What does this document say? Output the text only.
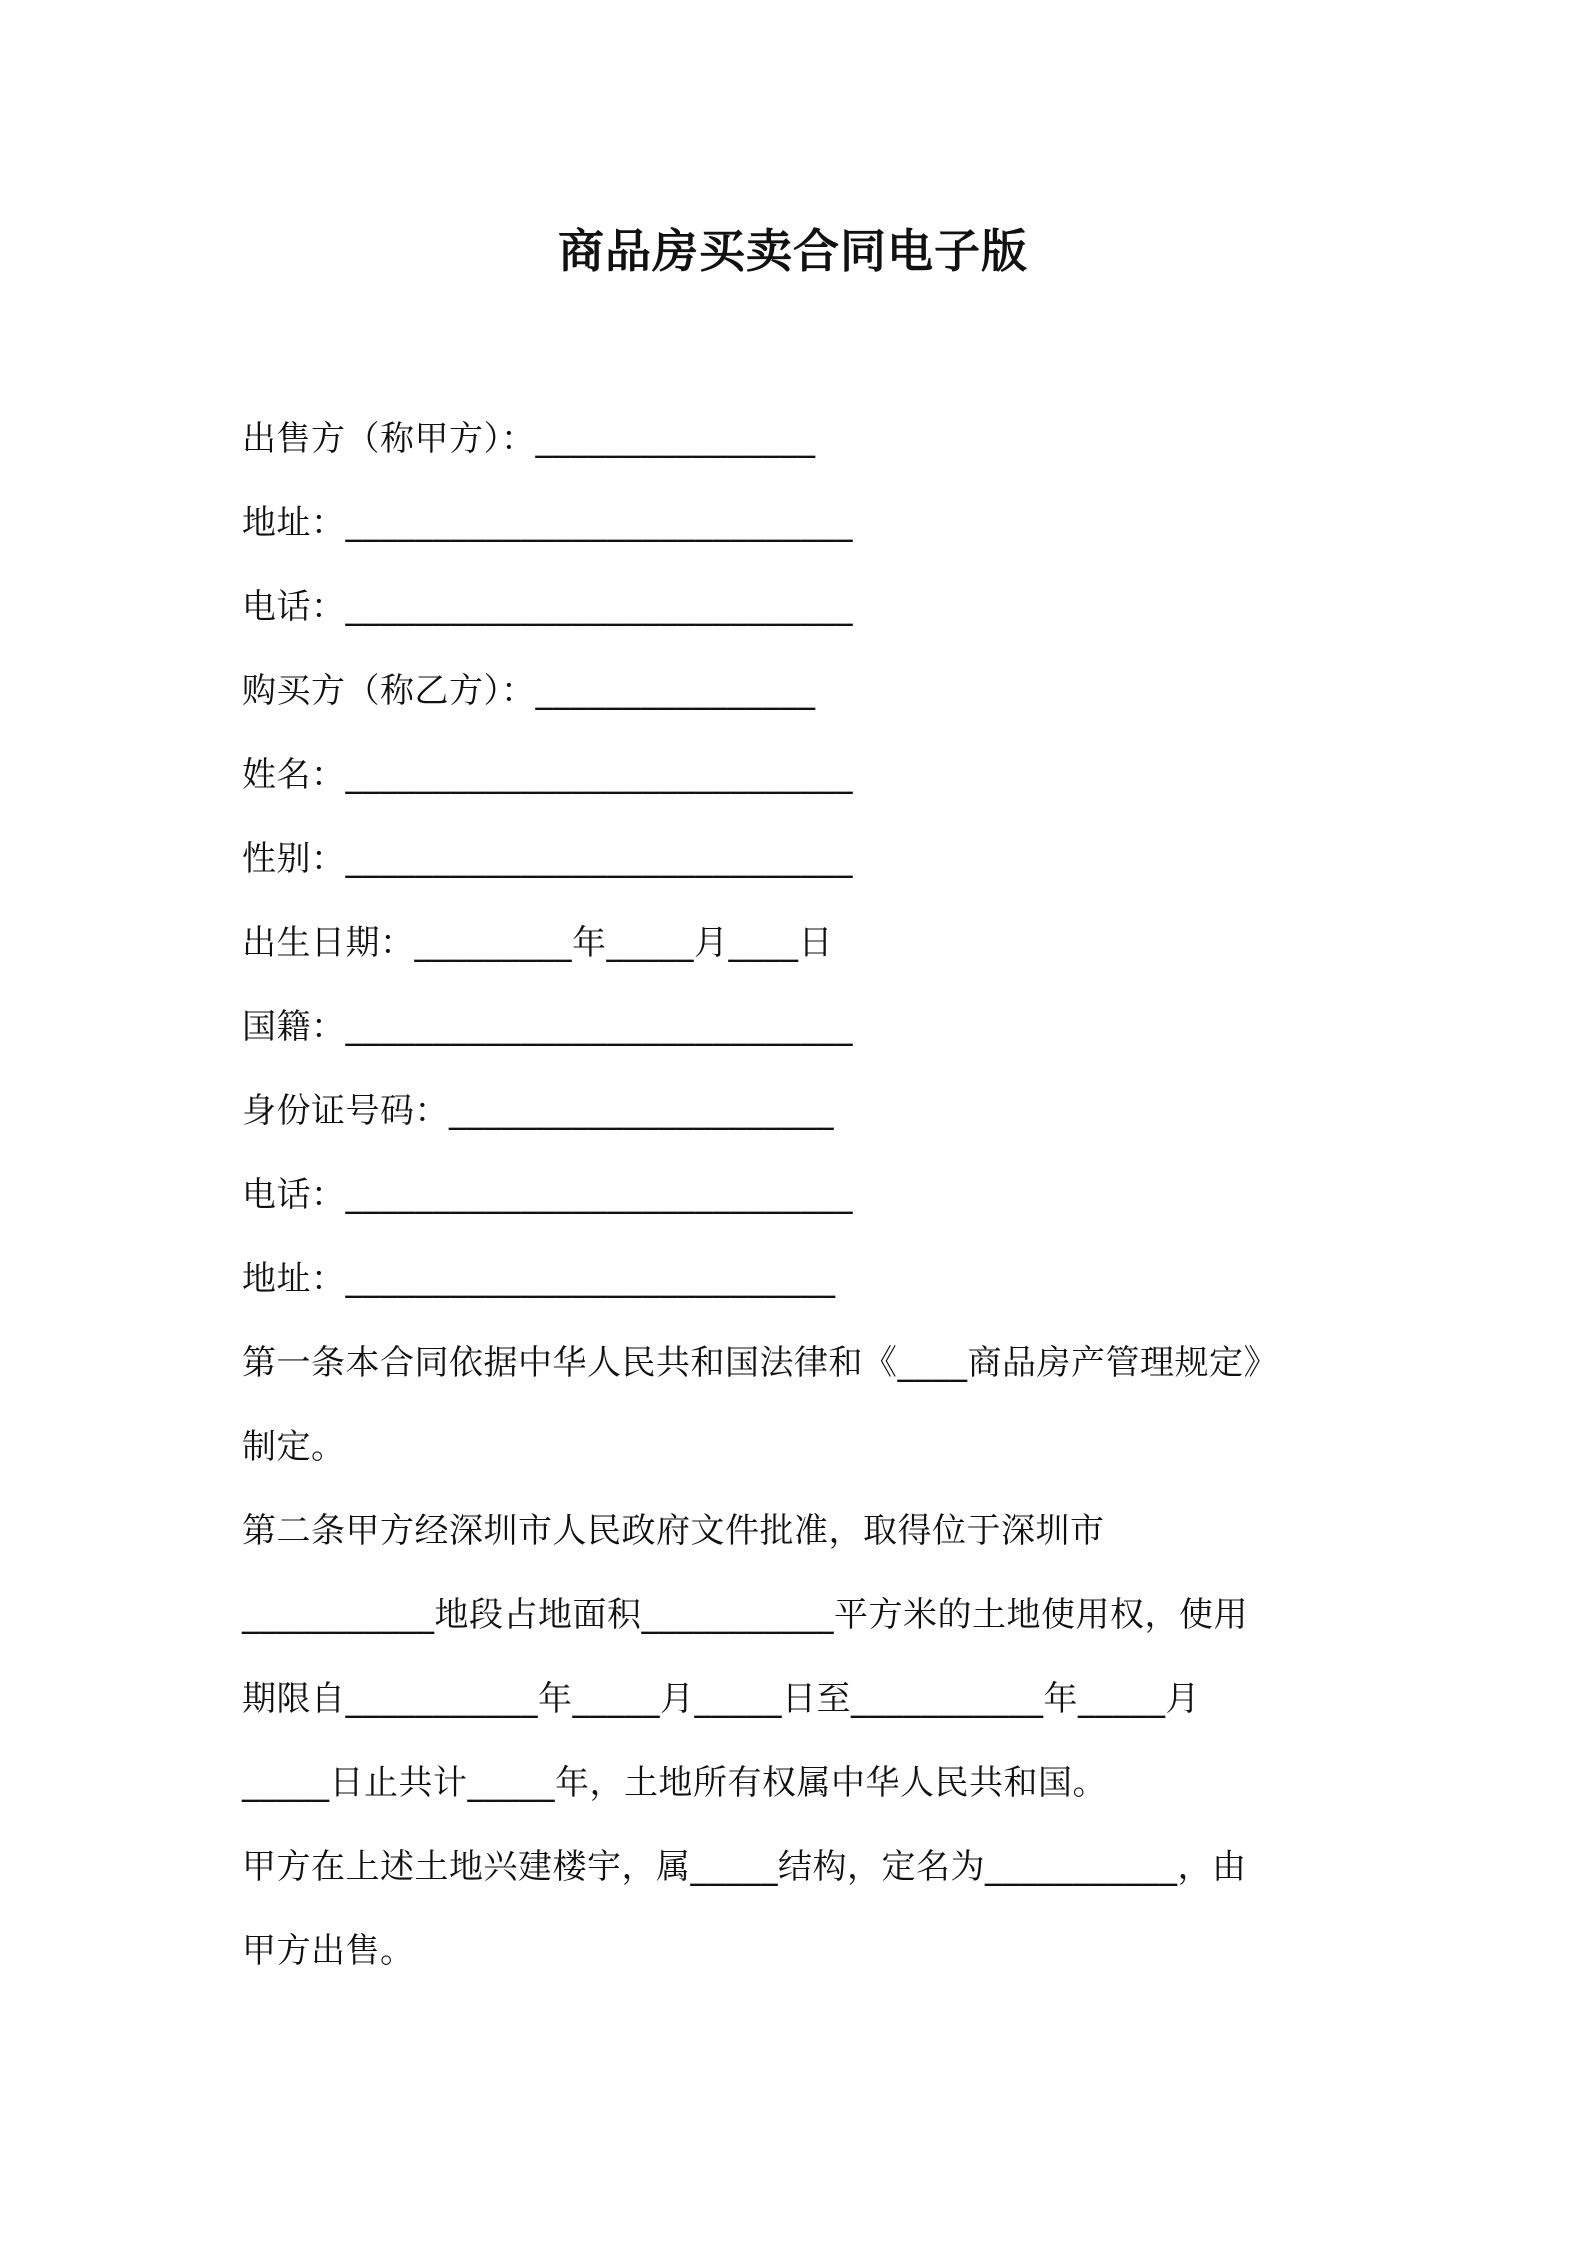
商品房买卖合同电子版
出售方（称甲方）：________________
地址：_____________________________
电话：_____________________________
购买方（称乙方）：________________
姓名：_____________________________
性别：_____________________________
出生日期：_________年_____月____日
国籍：_____________________________
身份证号码：______________________
电话：_____________________________
地址：____________________________
第一条本合同依据中华人民共和国法律和《____商品房产管理规定》
制定。
第二条甲方经深圳市人民政府文件批准，取得位于深圳市
___________地段占地面积___________平方米的土地使用权，使用
期限自___________年_____月_____日至___________年_____月
_____日止共计_____年，土地所有权属中华人民共和国。
甲方在上述土地兴建楼宇，属_____结构，定名为___________，由
甲方出售。
